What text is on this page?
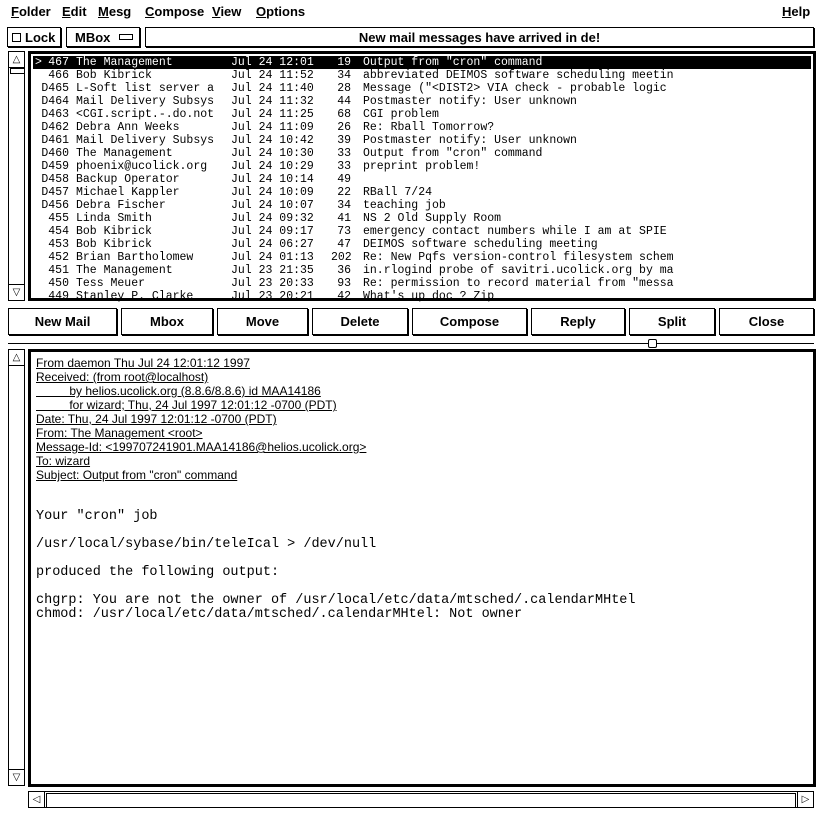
Folder Edit Mesg Compose View Options	Help
Lock MBox	New mail messages have arrived in de!
△
▽
> 467 The Management	Jul 24 12:01	19 Output from "cron" command
466 Bob Kibrick	Jul 24 11:52	34 abbreviated DEIMOS software scheduling meetin
D465 L-Soft list server a Jul 24 11:40	28 Message ("<DIST2> VIA check - probable logic
D464 Mail Delivery Subsys Jul 24 11:32	44 Postmaster notify: User unknown
D463 <CGI.script.-.do.not Jul 24 11:25	68 CGI problem
D462 Debra Ann Weeks	Jul 24 11:09	26 Re: Rball Tomorrow?
D461 Mail Delivery Subsys Jul 24 10:42	39 Postmaster notify: User unknown
D460 The Management	Jul 24 10:30	33 Output from "cron" command
D459 phoenix@ucolick.org Jul 24 10:29	33 preprint problem!
D458 Backup Operator	Jul 24 10:14	49
D457 Michael Kappler	Jul 24 10:09	22 RBall 7/24
D456 Debra Fischer	Jul 24 10:07	34 teaching job
455 Linda Smith	Jul 24 09:32	41 NS 2 Old Supply Room
454 Bob Kibrick	Jul 24 09:17	73 emergency contact numbers while I am at SPIE
453 Bob Kibrick	Jul 24 06:27	47 DEIMOS software scheduling meeting
452 Brian Bartholomew	Jul 24 01:13 202 Re: New Pqfs version-control filesystem schem
451 The Management	Jul 23 21:35	36 in.rlogind probe of savitri.ucolick.org by ma
450 Tess Meuer	Jul 23 20:33	93 Re: permission to record material from "messa
449 Stanley P. Clarke	Jul 23 20:21	42 What's up doc ? Zip
New Mail	Mbox	Move	Delete	Compose	Reply	Split	Close
△
▽
From daemon Thu Jul 24 12:01:12 1997
Received: (from root@localhost)
by helios.ucolick.org (8.8.6/8.8.6) id MAA14186
for wizard; Thu, 24 Jul 1997 12:01:12 -0700 (PDT)
Date: Thu, 24 Jul 1997 12:01:12 -0700 (PDT)
From: The Management <root>
Message-Id: <199707241901.MAA14186@helios.ucolick.org>
To: wizard
Subject: Output from "cron" command
Your "cron" job
/usr/local/sybase/bin/teleIcal > /dev/null
produced the following output:
chgrp: You are not the owner of /usr/local/etc/data/mtsched/.calendarMHtel
chmod: /usr/local/etc/data/mtsched/.calendarMHtel: Not owner
◁	▷
